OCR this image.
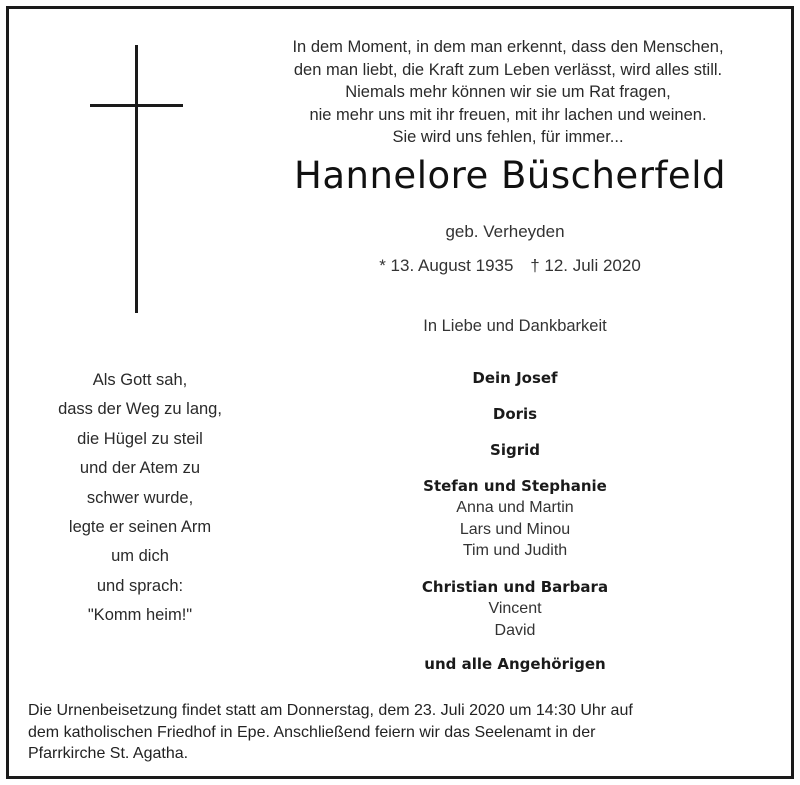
In dem Moment, in dem man erkennt, dass den Menschen,
den man liebt, die Kraft zum Leben verlässt, wird alles still.
Niemals mehr können wir sie um Rat fragen,
nie mehr uns mit ihr freuen, mit ihr lachen und weinen.
Sie wird uns fehlen, für immer...
Hannelore Büscherfeld
geb. Verheyden
* 13. August 1935 † 12. Juli 2020
In Liebe und Dankbarkeit
Als Gott sah,
dass der Weg zu lang,
die Hügel zu steil
und der Atem zu
schwer wurde,
legte er seinen Arm
um dich
und sprach:
"Komm heim!"
Dein Josef
Doris
Sigrid
Stefan und Stephanie
Anna und Martin
Lars und Minou
Tim und Judith
Christian und Barbara
Vincent
David
und alle Angehörigen
Die Urnenbeisetzung findet statt am Donnerstag, dem 23. Juli 2020 um 14:30 Uhr auf
dem katholischen Friedhof in Epe. Anschließend feiern wir das Seelenamt in der
Pfarrkirche St. Agatha.
